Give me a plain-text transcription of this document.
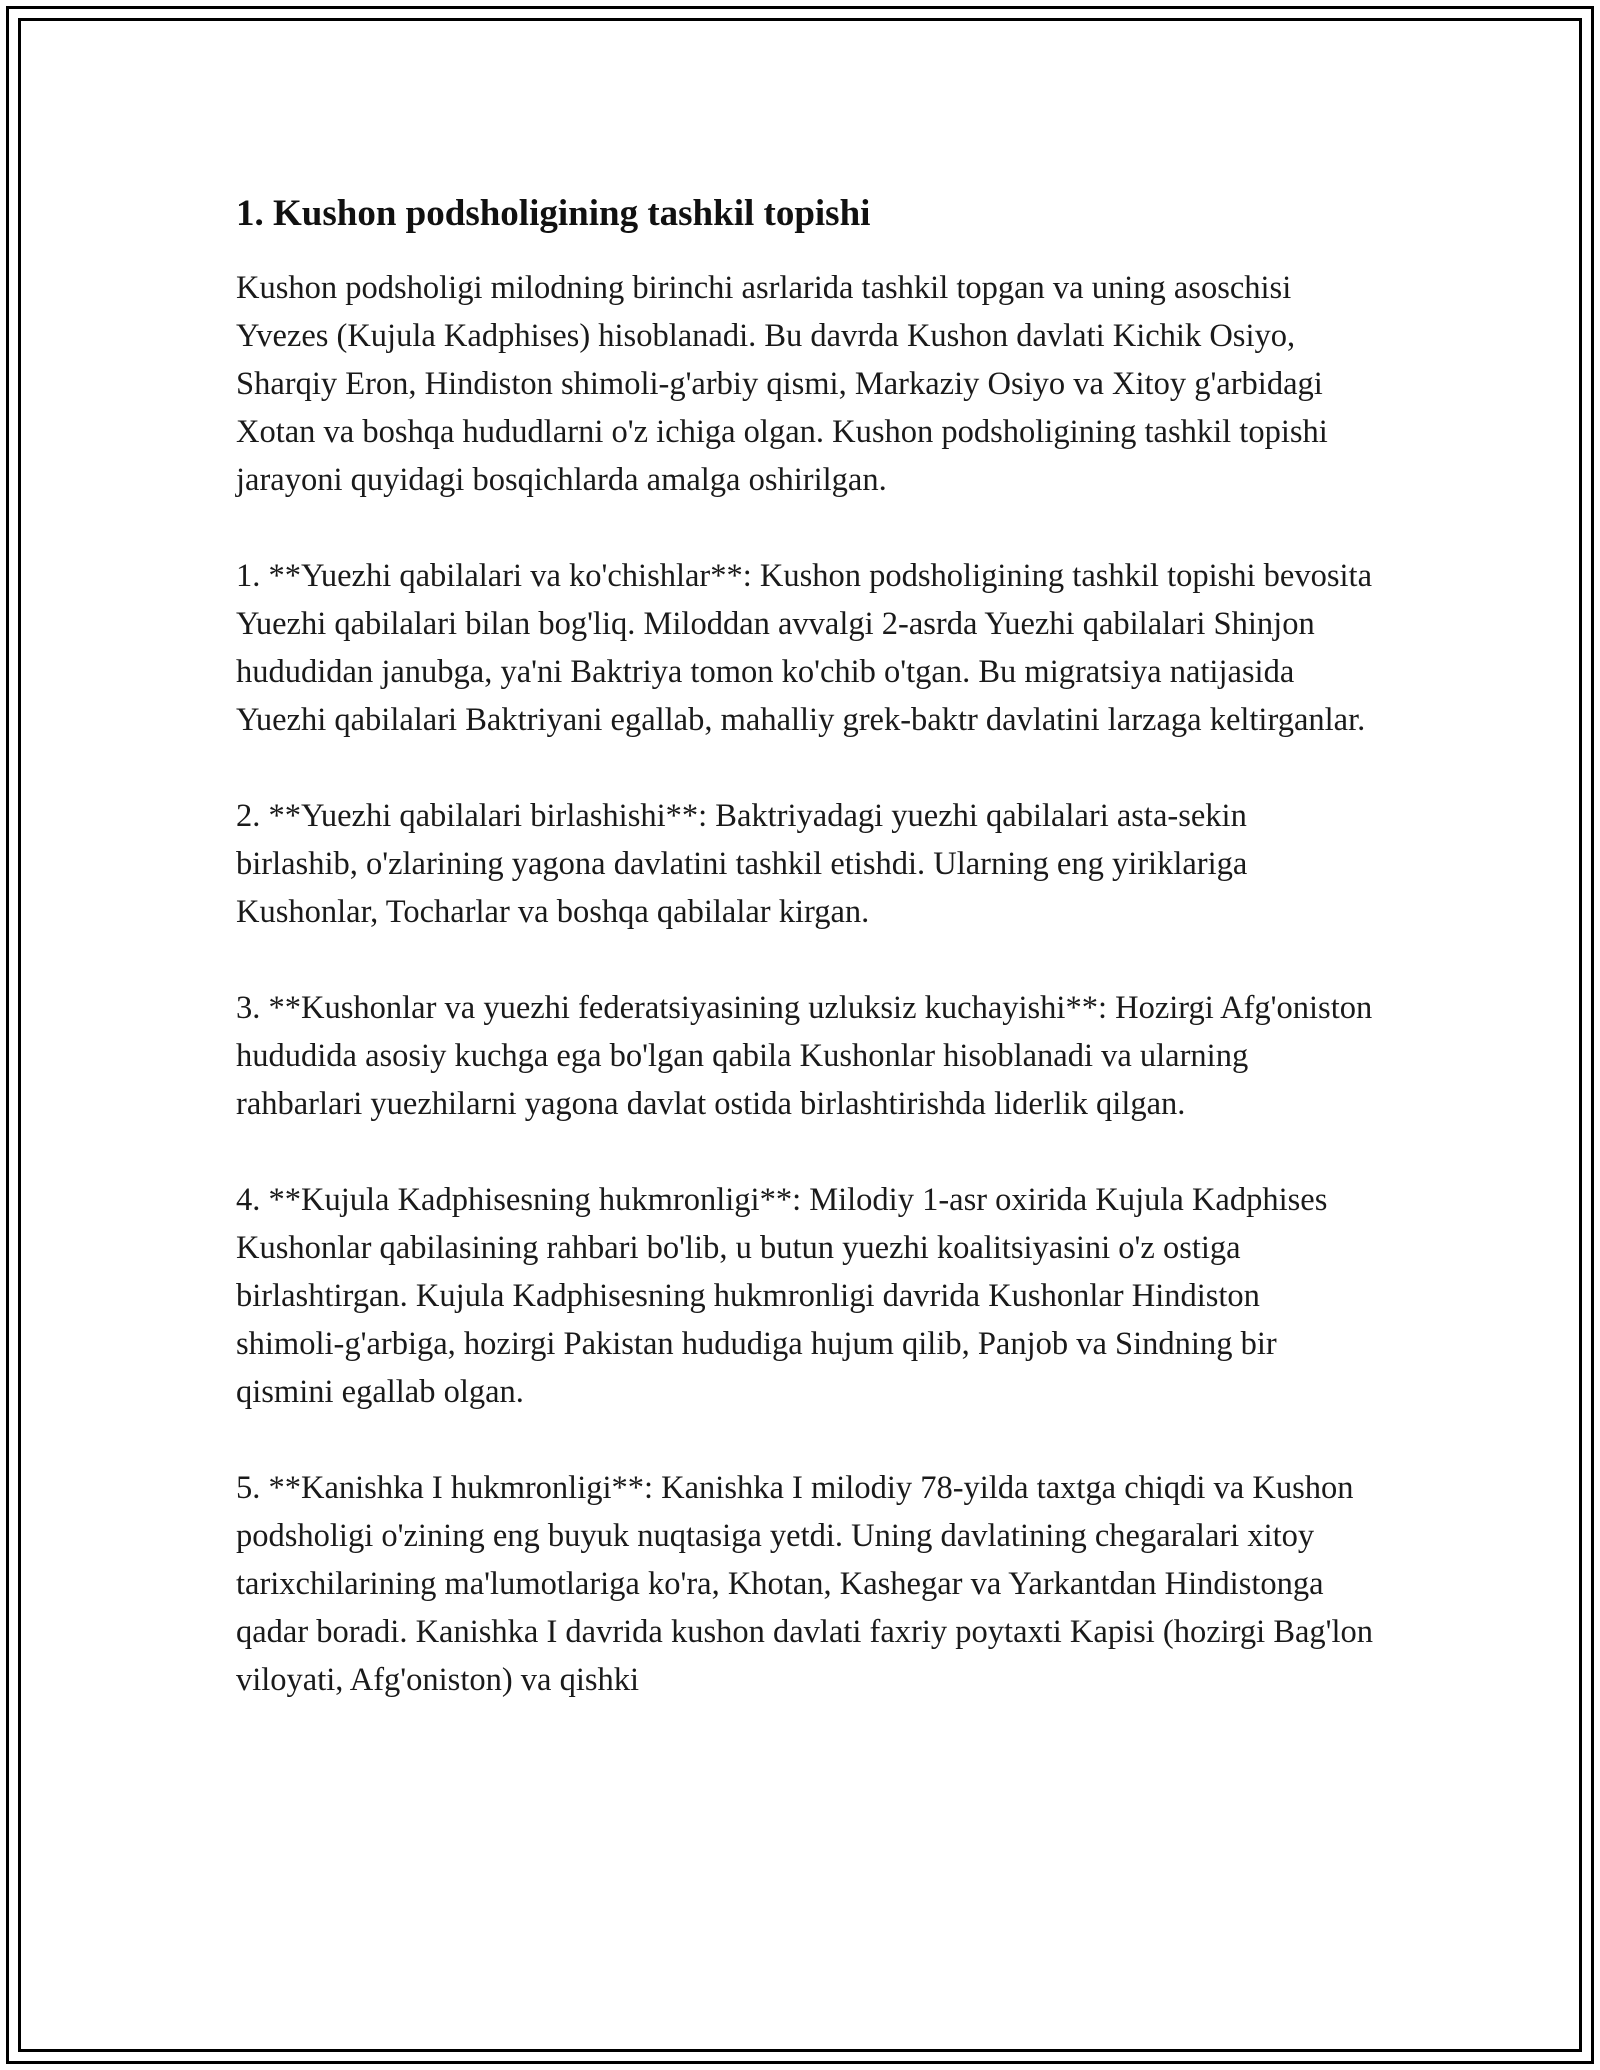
1. Kushon podsholigining tashkil topishi

Kushon podsholigi milodning birinchi asrlarida tashkil topgan va uning asoschisi Yvezes (Kujula Kadphises) hisoblanadi. Bu davrda Kushon davlati Kichik Osiyo, Sharqiy Eron, Hindiston shimoli-g'arbiy qismi, Markaziy Osiyo va Xitoy g'arbidagi Xotan va boshqa hududlarni o'z ichiga olgan. Kushon podsholigining tashkil topishi jarayoni quyidagi bosqichlarda amalga oshirilgan.

1. **Yuezhi qabilalari va ko'chishlar**: Kushon podsholigining tashkil topishi bevosita Yuezhi qabilalari bilan bog'liq. Miloddan avvalgi 2-asrda Yuezhi qabilalari Shinjon hududidan janubga, ya'ni Baktriya tomon ko'chib o'tgan. Bu migratsiya natijasida Yuezhi qabilalari Baktriyani egallab, mahalliy grek-baktr davlatini larzaga keltirganlar.

2. **Yuezhi qabilalari birlashishi**: Baktriyadagi yuezhi qabilalari asta-sekin birlashib, o'zlarining yagona davlatini tashkil etishdi. Ularning eng yiriklariga Kushonlar, Tocharlar va boshqa qabilalar kirgan.

3. **Kushonlar va yuezhi federatsiyasining uzluksiz kuchayishi**: Hozirgi Afg'oniston hududida asosiy kuchga ega bo'lgan qabila Kushonlar hisoblanadi va ularning rahbarlari yuezhilarni yagona davlat ostida birlashtirishda liderlik qilgan.

4. **Kujula Kadphisesning hukmronligi**: Milodiy 1-asr oxirida Kujula Kadphises Kushonlar qabilasining rahbari bo'lib, u butun yuezhi koalitsiyasini o'z ostiga birlashtirgan. Kujula Kadphisesning hukmronligi davrida Kushonlar Hindiston shimoli-g'arbiga, hozirgi Pakistan hududiga hujum qilib, Panjob va Sindning bir qismini egallab olgan.

5. **Kanishka I hukmronligi**: Kanishka I milodiy 78-yilda taxtga chiqdi va Kushon podsholigi o'zining eng buyuk nuqtasiga yetdi. Uning davlatining chegaralari xitoy tarixchilarining ma'lumotlariga ko'ra, Khotan, Kashegar va Yarkantdan Hindistonga qadar boradi. Kanishka I davrida kushon davlati faxriy poytaxti Kapisi (hozirgi Bag'lon viloyati, Afg'oniston) va qishki
